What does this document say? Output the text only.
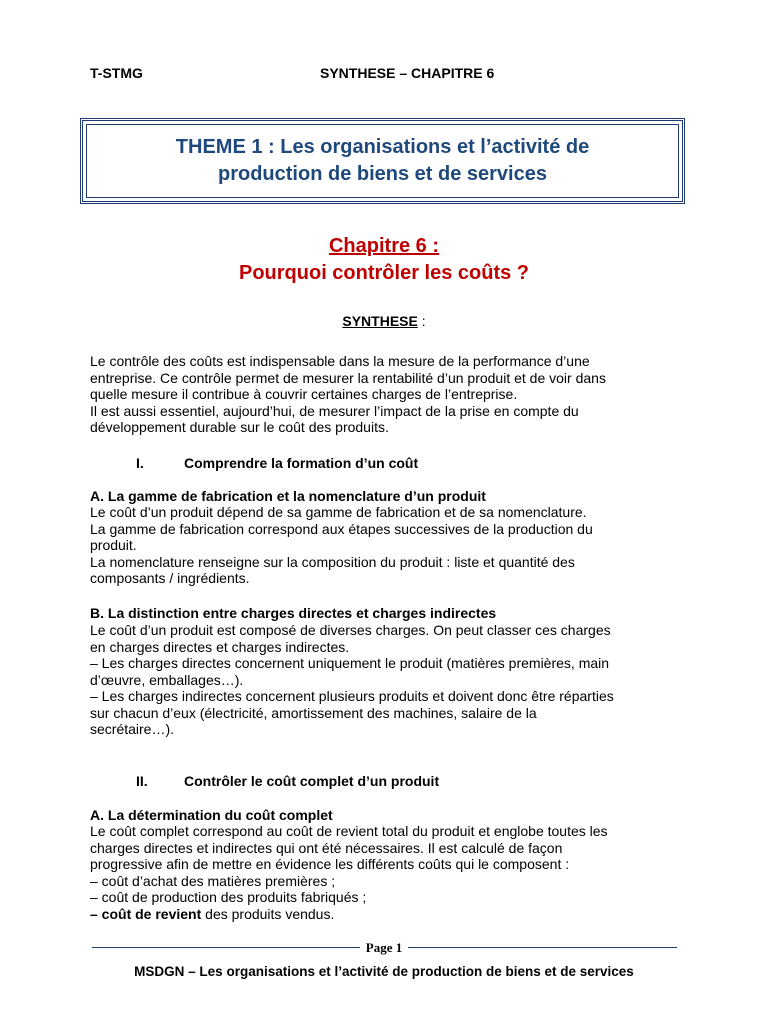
T-STMG	SYNTHESE – CHAPITRE 6
THEME 1 : Les organisations et l’activité de
production de biens et de services
Chapitre 6 :
Pourquoi contrôler les coûts ?
SYNTHESE :

Le contrôle des coûts est indispensable dans la mesure de la performance d’une

entreprise. Ce contrôle permet de mesurer la rentabilité d’un produit et de voir dans

quelle mesure il contribue à couvrir certaines charges de l’entreprise.

Il est aussi essentiel, aujourd’hui, de mesurer l’impact de la prise en compte du

développement durable sur le coût des produits.

I.	Comprendre la formation d’un coût
A. La gamme de fabrication et la nomenclature d’un produit

Le coût d’un produit dépend de sa gamme de fabrication et de sa nomenclature.

La gamme de fabrication correspond aux étapes successives de la production du

produit.

La nomenclature renseigne sur la composition du produit : liste et quantité des

composants / ingrédients.

B. La distinction entre charges directes et charges indirectes

Le coût d’un produit est composé de diverses charges. On peut classer ces charges

en charges directes et charges indirectes.

– Les charges directes concernent uniquement le produit (matières premières, main

d’œuvre, emballages…).

– Les charges indirectes concernent plusieurs produits et doivent donc être réparties

sur chacun d’eux (électricité, amortissement des machines, salaire de la

secrétaire…).

II.	Contrôler le coût complet d’un produit
A. La détermination du coût complet

Le coût complet correspond au coût de revient total du produit et englobe toutes les

charges directes et indirectes qui ont été nécessaires. Il est calculé de façon

progressive afin de mettre en évidence les différents coûts qui le composent :

– coût d’achat des matières premières ;

– coût de production des produits fabriqués ;

– coût de revient des produits vendus.

Page 1
MSDGN – Les organisations et l’activité de production de biens et de services
